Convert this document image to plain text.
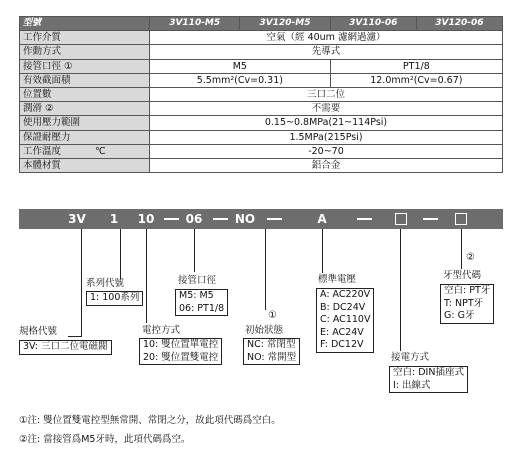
型號	3V110-M5	3V120-M5	3V110-06	3V120-06
工作介質	空氣（經 40um 濾網過濾）			
作動方式	先導式			
接管口徑 ①	M5		PT1/8	
有效截面積	5.5mm²(Cv=0.31)		12.0mm²(Cv=0.67)	
位置數	三口二位			
潤滑 ②	不需要			
使用壓力範圍	0.15~0.8MPa(21~114Psi)			
保證耐壓力	1.5MPa(215Psi)			
工作溫度 ℃	-20~70			
本體材質	鋁合金			
3V	1 10	06	NO	A
系列代號
1: 100系列
規格代號
3V: 三口二位電磁閥
接管口徑
M5: M5
06: PT1/8
電控方式
10: 雙位置單電控
20: 雙位置雙電控
①
初始狀態
NC: 常閉型
NO: 常開型
標準電壓
A: AC220V
B: DC24V
C: AC110V
E: AC24V
F: DC12V
接電方式
空白: DIN插座式
I: 出線式
②
牙型代碼
空白: PT牙
T: NPT牙
G: G牙
①注: 雙位置雙電控型無常開、常閉之分，故此項代碼爲空白。
②注: 當接管爲M5牙時，此項代碼爲空。
